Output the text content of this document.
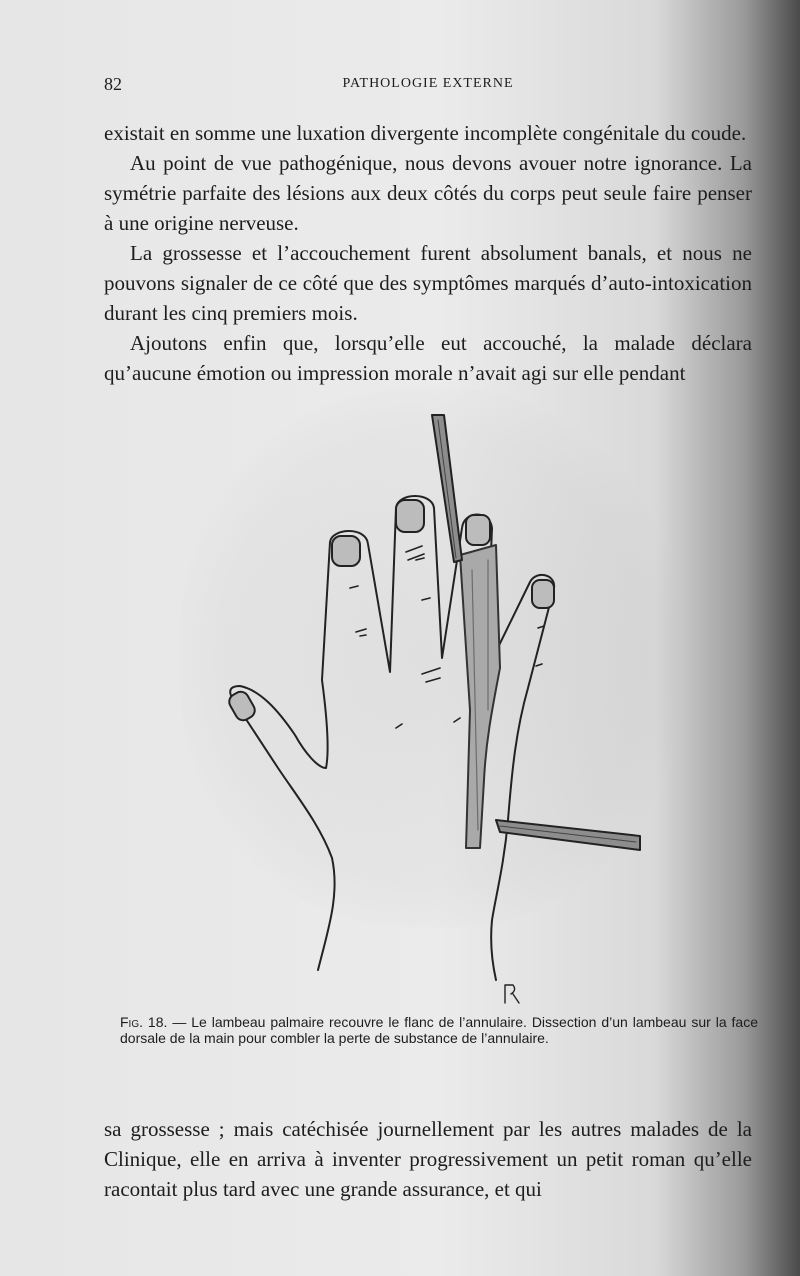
82	PATHOLOGIE EXTERNE

existait en somme une luxation divergente incomplète congénitale du coude.

Au point de vue pathogénique, nous devons avouer notre ignorance. La symétrie parfaite des lésions aux deux côtés du corps peut seule faire penser à une origine nerveuse.

La grossesse et l’accouchement furent absolument banals, et nous ne pouvons signaler de ce côté que des symptômes marqués d’auto-intoxication durant les cinq premiers mois.

Ajoutons enfin que, lorsqu’elle eut accouché, la malade déclara qu’aucune émotion ou impression morale n’avait agi sur elle pendant

Fig. 18. — Le lambeau palmaire recouvre le flanc de l’annulaire. Dissection d’un lambeau sur la face dorsale de la main pour combler la perte de substance de l’annulaire.

sa grossesse ; mais catéchisée journellement par les autres malades de la Clinique, elle en arriva à inventer progressivement un petit roman qu’elle racontait plus tard avec une grande assurance, et qui
